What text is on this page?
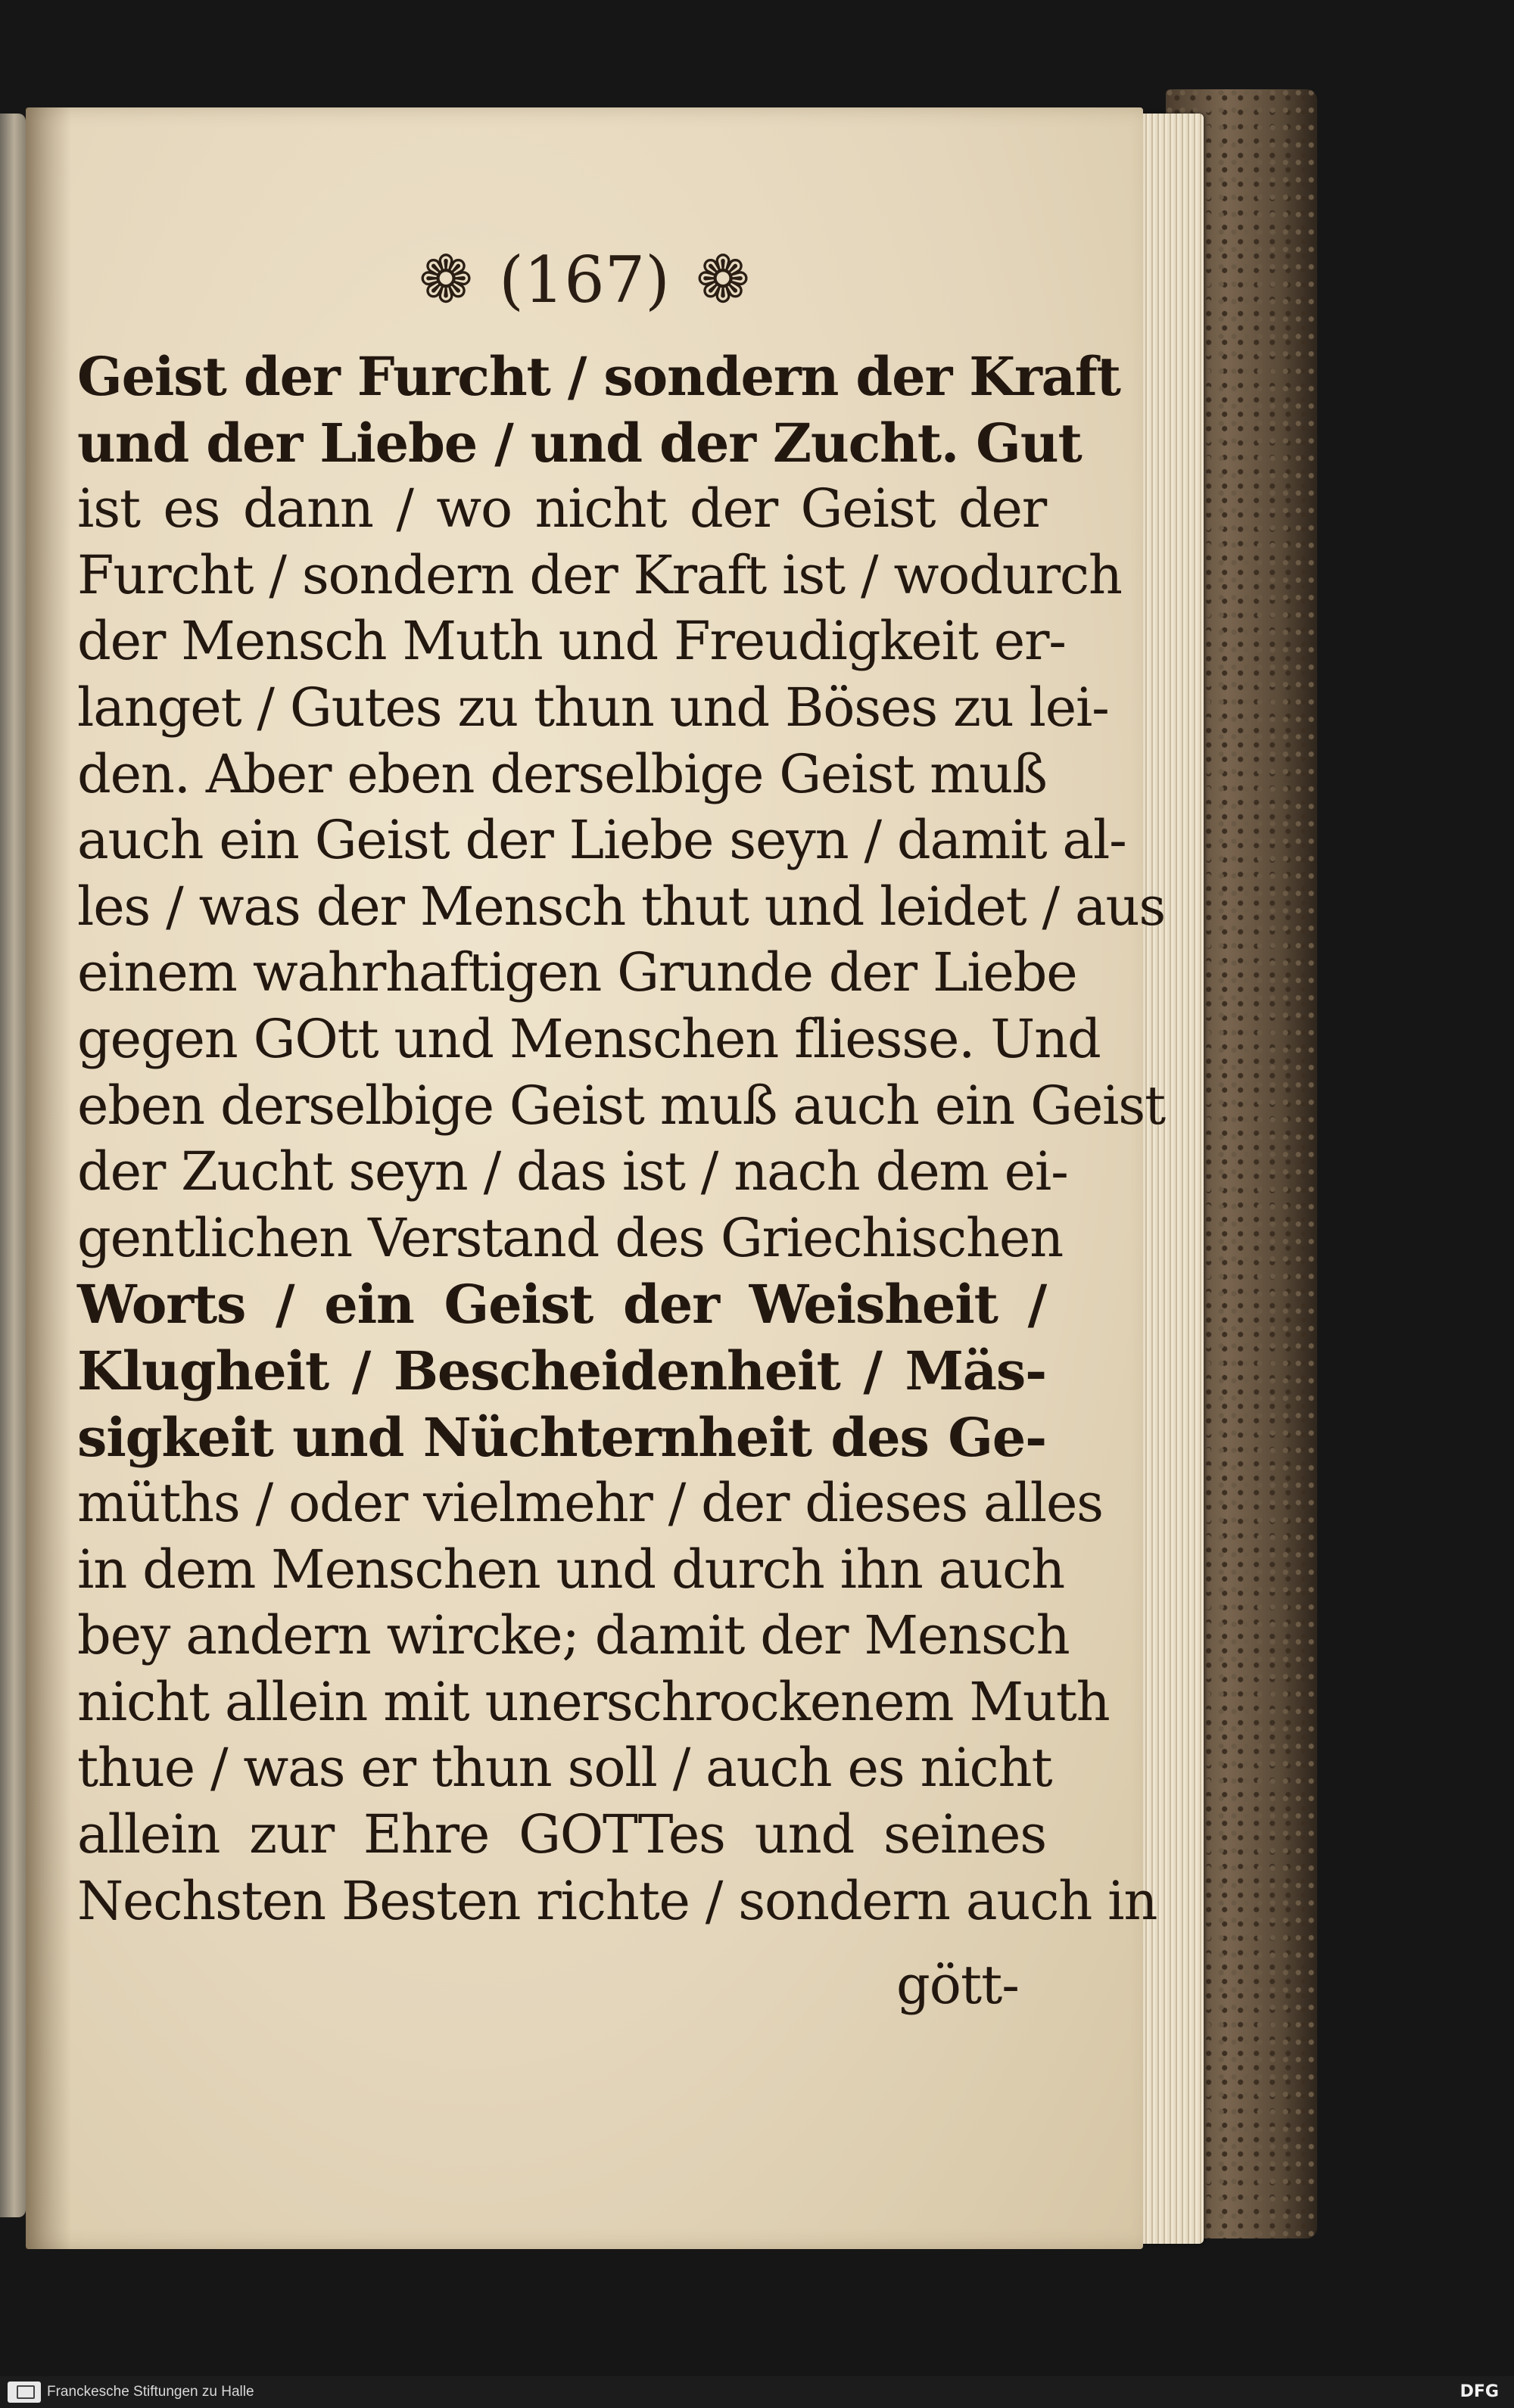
❁ (167) ❁
Geist der Furcht / sondern der Kraft
und der Liebe / und der Zucht. Gut
ist es dann / wo nicht der Geist der
Furcht / sondern der Kraft ist / wodurch
der Mensch Muth und Freudigkeit er-
langet / Gutes zu thun und Böses zu lei-
den. Aber eben derselbige Geist muß
auch ein Geist der Liebe seyn / damit al-
les / was der Mensch thut und leidet / aus
einem wahrhaftigen Grunde der Liebe
gegen GOtt und Menschen fliesse. Und
eben derselbige Geist muß auch ein Geist
der Zucht seyn / das ist / nach dem ei-
gentlichen Verstand des Griechischen
Worts / ein Geist der Weisheit /
Klugheit / Bescheidenheit / Mäs-
sigkeit und Nüchternheit des Ge-
müths / oder vielmehr / der dieses alles
in dem Menschen und durch ihn auch
bey andern wircke; damit der Mensch
nicht allein mit unerschrockenem Muth
thue / was er thun soll / auch es nicht
allein zur Ehre GOTTes und seines
Nechsten Besten richte / sondern auch in
gött-
Franckesche Stiftungen zu Halle	DFG
